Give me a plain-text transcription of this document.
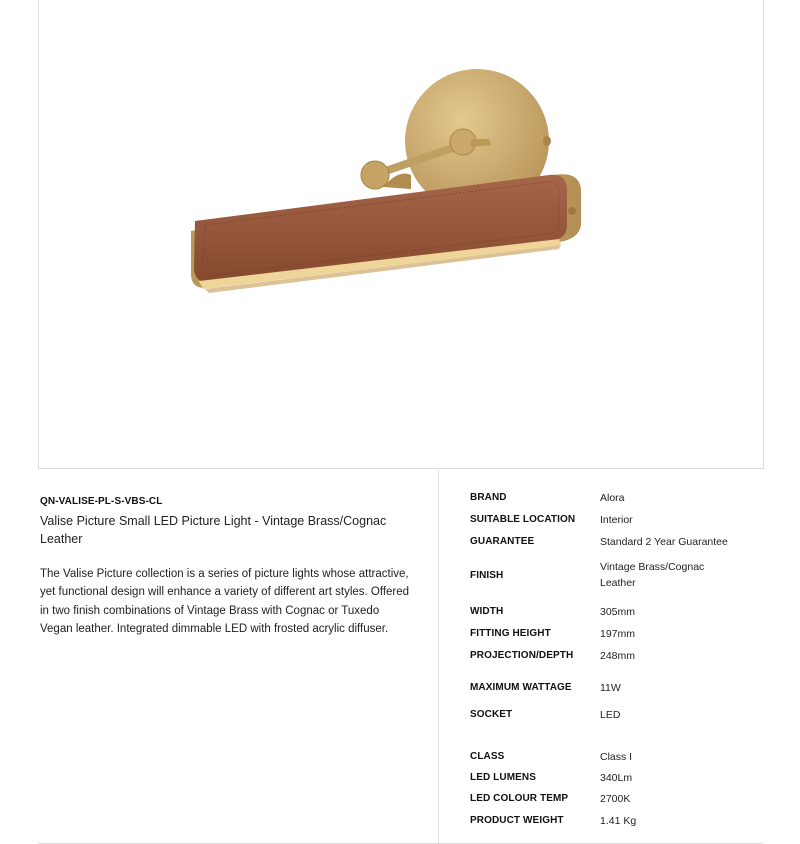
QN-VALISE-PL-S-VBS-CL
Valise Picture Small LED Picture Light - Vintage Brass/Cognac Leather
The Valise Picture collection is a series of picture lights whose attractive, yet functional design will enhance a variety of different art styles. Offered in two finish combinations of Vintage Brass with Cognac or Tuxedo Vegan leather. Integrated dimmable LED with frosted acrylic diffuser.
BRAND	Alora
SUITABLE LOCATION Interior
GUARANTEE	Standard 2 Year Guarantee
FINISH
Vintage Brass/Cognac Leather
WIDTH	305mm
FITTING HEIGHT	197mm
PROJECTION/DEPTH	248mm
MAXIMUM WATTAGE	11W
SOCKET	LED
CLASS	Class I
LED LUMENS	340Lm
LED COLOUR TEMP	2700K
PRODUCT WEIGHT	1.41 Kg
